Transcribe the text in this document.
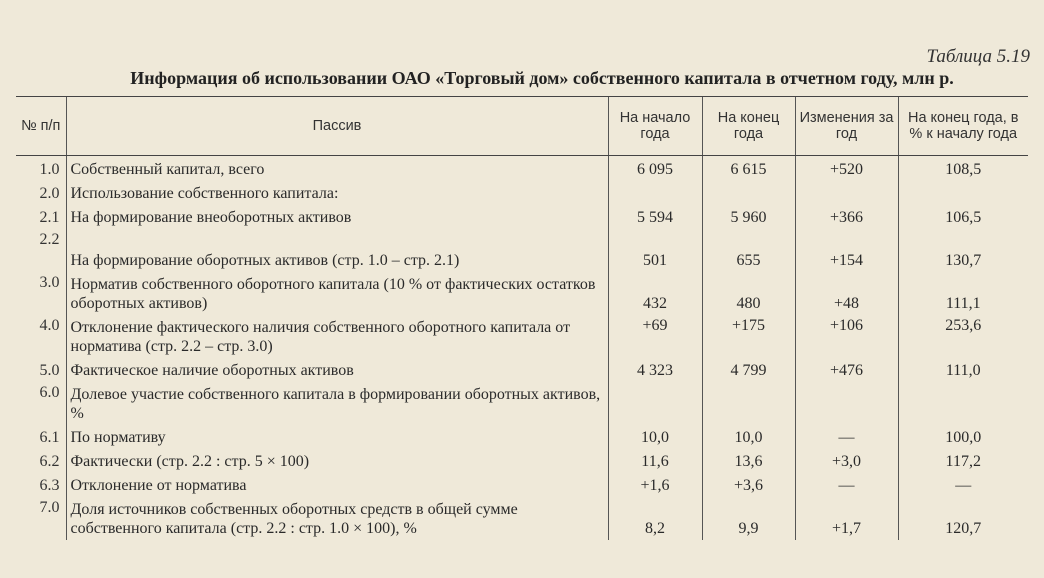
Таблица 5.19
Информация об использовании ОАО «Торговый дом» собственного капитала в отчетном году, млн р.
№ п/п	Пассив	На начало года	На конец года	Изменения за год	На конец года, в % к началу года
1.0	Собственный капитал, всего	6 095	6 615	+520	108,5
2.0	Использование собственного капитала:				
2.1	На формирование внеоборотных активов	5 594	5 960	+366	106,5
2.2	На формирование оборотных активов (стр. 1.0 – стр. 2.1)	501	655	+154	130,7
3.0	Норматив собственного оборотного капитала (10 % от фактических остатков оборотных активов)	432	480	+48	111,1
4.0	Отклонение фактического наличия собственного оборотного капитала от норматива (стр. 2.2 – стр. 3.0)	+69	+175	+106	253,6
5.0	Фактическое наличие оборотных активов	4 323	4 799	+476	111,0
6.0	Долевое участие собственного капитала в формировании оборотных активов, %				
6.1	По нормативу	10,0	10,0	—	100,0
6.2	Фактически (стр. 2.2 : стр. 5 × 100)	11,6	13,6	+3,0	117,2
6.3	Отклонение от норматива	+1,6	+3,6	—	—
7.0	Доля источников собственных оборотных средств в общей сумме собственного капитала (стр. 2.2 : стр. 1.0 × 100), %	8,2	9,9	+1,7	120,7
